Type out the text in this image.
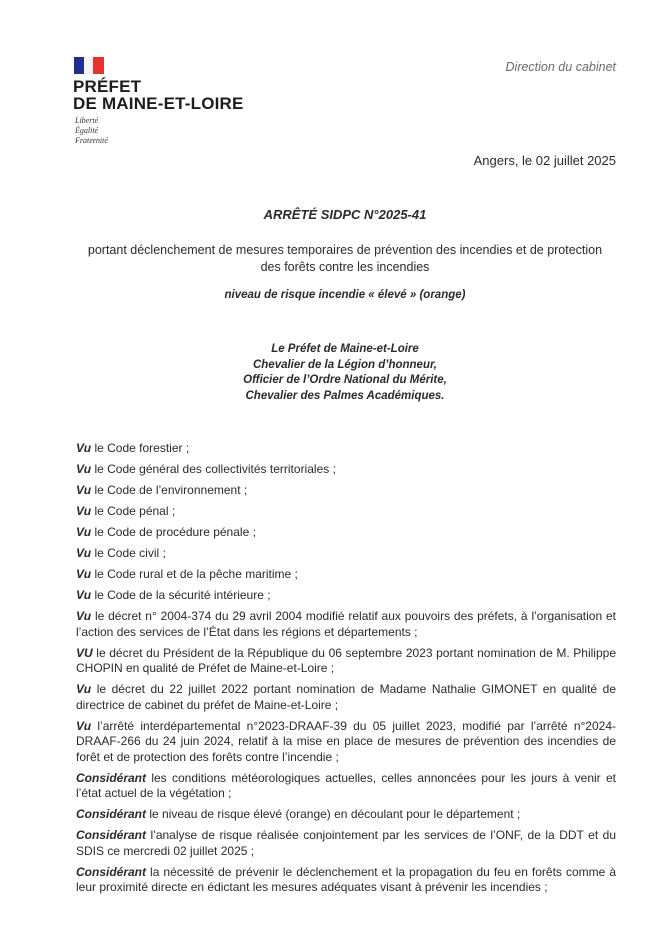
PRÉFET
DE MAINE-ET-LOIRE
Liberté
Égalité
Fraternité
Direction du cabinet
Angers, le 02 juillet 2025
ARRÊTÉ SIDPC N°2025-41
portant déclenchement de mesures temporaires de prévention des incendies et de protection
des forêts contre les incendies
niveau de risque incendie « élevé » (orange)
Le Préfet de Maine-et-Loire
Chevalier de la Légion d’honneur,
Officier de l’Ordre National du Mérite,
Chevalier des Palmes Académiques.

Vu le Code forestier ;

Vu le Code général des collectivités territoriales ;

Vu le Code de l’environnement ;

Vu le Code pénal ;

Vu le Code de procédure pénale ;

Vu le Code civil ;

Vu le Code rural et de la pêche maritime ;

Vu le Code de la sécurité intérieure ;

Vu le décret n° 2004-374 du 29 avril 2004 modifié relatif aux pouvoirs des préfets, à l’organisation et l’action des services de l’État dans les régions et départements ;

VU le décret du Président de la République du 06 septembre 2023 portant nomination de M. Philippe CHOPIN en qualité de Préfet de Maine-et-Loire ;

Vu le décret du 22 juillet 2022 portant nomination de Madame Nathalie GIMONET en qualité de directrice de cabinet du préfet de Maine-et-Loire ;

Vu l’arrêté interdépartemental n°2023-DRAAF-39 du 05 juillet 2023, modifié par l’arrêté n°2024-DRAAF-266 du 24 juin 2024, relatif à la mise en place de mesures de prévention des incendies de forêt et de protection des forêts contre l’incendie ;

Considérant les conditions météorologiques actuelles, celles annoncées pour les jours à venir et l’état actuel de la végétation ;

Considérant le niveau de risque élevé (orange) en découlant pour le département ;

Considérant l’analyse de risque réalisée conjointement par les services de l’ONF, de la DDT et du SDIS ce mercredi 02 juillet 2025 ;

Considérant la nécessité de prévenir le déclenchement et la propagation du feu en forêts comme à leur proximité directe en édictant les mesures adéquates visant à prévenir les incendies ;
